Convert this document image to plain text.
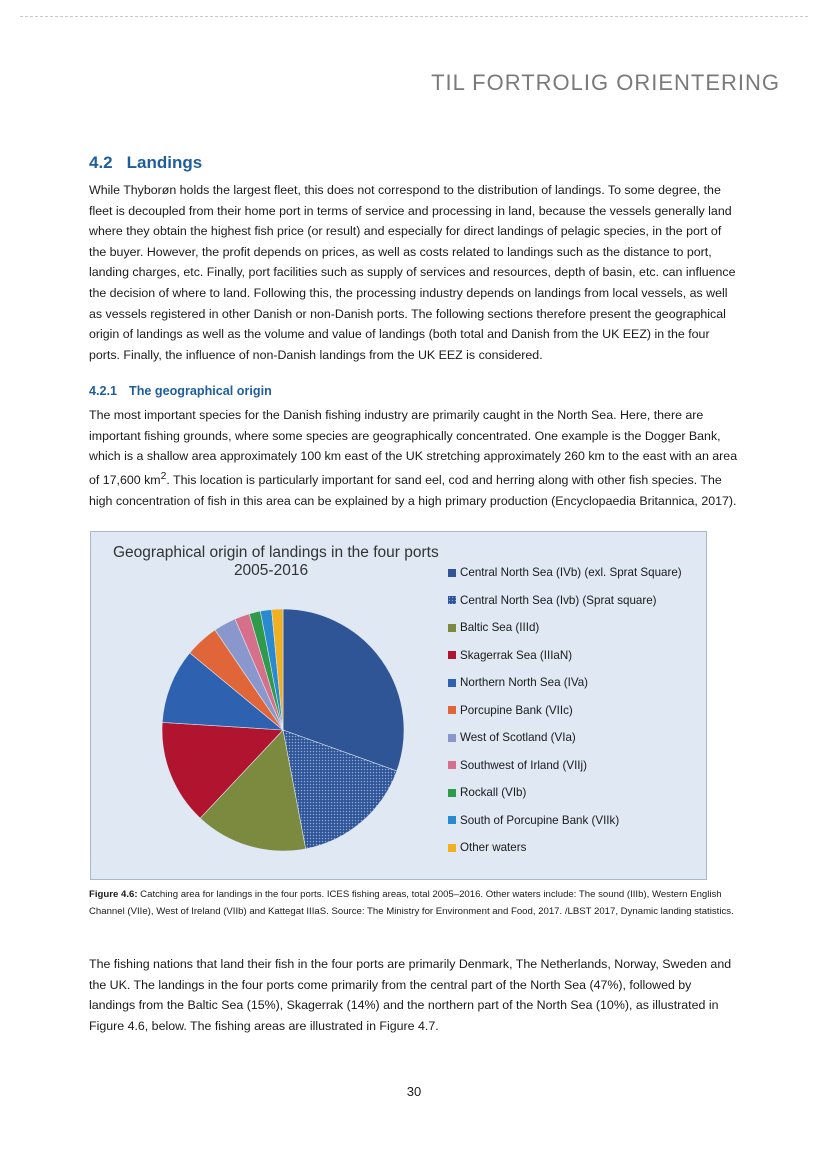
TIL FORTROLIG ORIENTERING
4.2 Landings

While Thyborøn holds the largest fleet, this does not correspond to the distribution of landings. To some degree, the fleet is decoupled from their home port in terms of service and processing in land, because the vessels generally land where they obtain the highest fish price (or result) and especially for direct landings of pelagic species, in the port of the buyer. However, the profit depends on prices, as well as costs related to landings such as the distance to port, landing charges, etc. Finally, port facilities such as supply of services and resources, depth of basin, etc. can influence the decision of where to land. Following this, the processing industry depends on landings from local vessels, as well as vessels registered in other Danish or non-Danish ports. The following sections therefore present the geographical origin of landings as well as the volume and value of landings (both total and Danish from the UK EEZ) in the four ports. Finally, the influence of non-Danish landings from the UK EEZ is considered.

4.2.1 The geographical origin

The most important species for the Danish fishing industry are primarily caught in the North Sea. Here, there are important fishing grounds, where some species are geographically concentrated. One example is the Dogger Bank, which is a shallow area approximately 100 km east of the UK stretching approximately 260 km to the east with an area of 17,600 $km^2$. This location is particularly important for sand eel, cod and herring along with other fish species. The high concentration of fish in this area can be explained by a high primary production (Encyclopaedia Britannica, 2017).

Geographical origin of landings in the four ports
2005-2016	Central North Sea (IVb) (exl. Sprat Square)
Central North Sea (Ivb) (Sprat square)
Baltic Sea (IIId)
Skagerrak Sea (IIIaN)
Northern North Sea (IVa)
Porcupine Bank (VIIc)
West of Scotland (VIa)
Southwest of Irland (VIIj)
Rockall (VIb)
South of Porcupine Bank (VIIk)
Other waters

Figure 4.6: Catching area for landings in the four ports. ICES fishing areas, total 2005–2016. Other waters include: The sound (IIIb), Western English Channel (VIIe), West of Ireland (VIIb) and Kattegat IIIaS. Source: The Ministry for Environment and Food, 2017. /LBST 2017, Dynamic landing statistics.

The fishing nations that land their fish in the four ports are primarily Denmark, The Netherlands, Norway, Sweden and the UK. The landings in the four ports come primarily from the central part of the North Sea (47%), followed by landings from the Baltic Sea (15%), Skagerrak (14%) and the northern part of the North Sea (10%), as illustrated in Figure 4.6, below. The fishing areas are illustrated in Figure 4.7.

30
